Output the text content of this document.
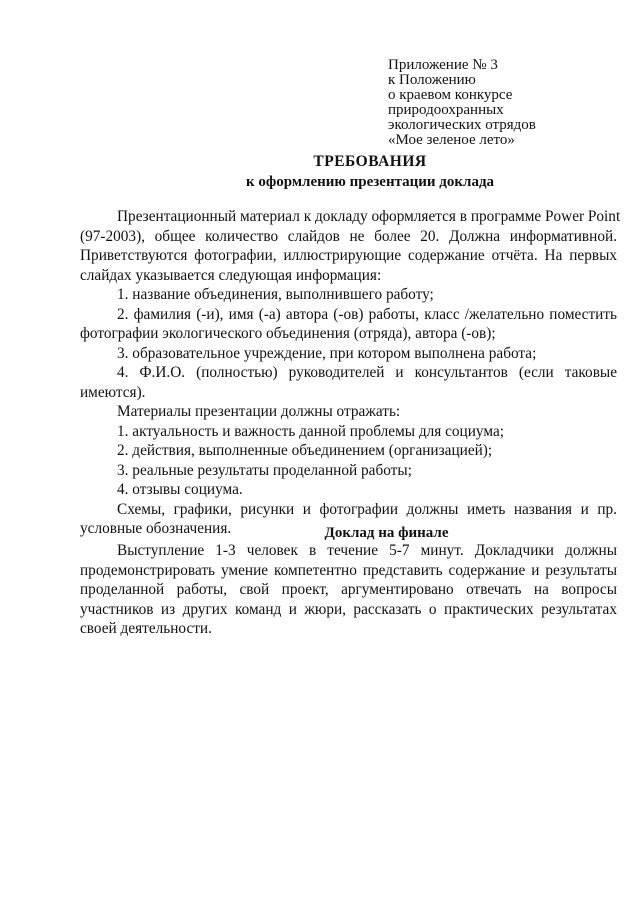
Приложение № 3
к Положению
о краевом конкурсе
природоохранных
экологических отрядов
«Мое зеленое лето»
ТРЕБОВАНИЯ
к оформлению презентации доклада
Презентационный материал к докладу оформляется в программе Power Point
(97-2003), общее количество слайдов не более 20. Должна информативной.
Приветствуются фотографии, иллюстрирующие содержание отчёта. На первых
слайдах указывается следующая информация:
1. название объединения, выполнившего работу;
2. фамилия (-и), имя (-а) автора (-ов) работы, класс /желательно поместить
фотографии экологического объединения (отряда), автора (-ов);
3. образовательное учреждение, при котором выполнена работа;
4. Ф.И.О. (полностью) руководителей и консультантов (если таковые
имеются).
Материалы презентации должны отражать:
1. актуальность и важность данной проблемы для социума;
2. действия, выполненные объединением (организацией);
3. реальные результаты проделанной работы;
4. отзывы социума.
Схемы, графики, рисунки и фотографии должны иметь названия и пр.
условные обозначения.	Доклад на финале
Выступление 1-3 человек в течение 5-7 минут. Докладчики должны
продемонстрировать умение компетентно представить содержание и результаты
проделанной работы, свой проект, аргументировано отвечать на вопросы
участников из других команд и жюри, рассказать о практических результатах
своей деятельности.
